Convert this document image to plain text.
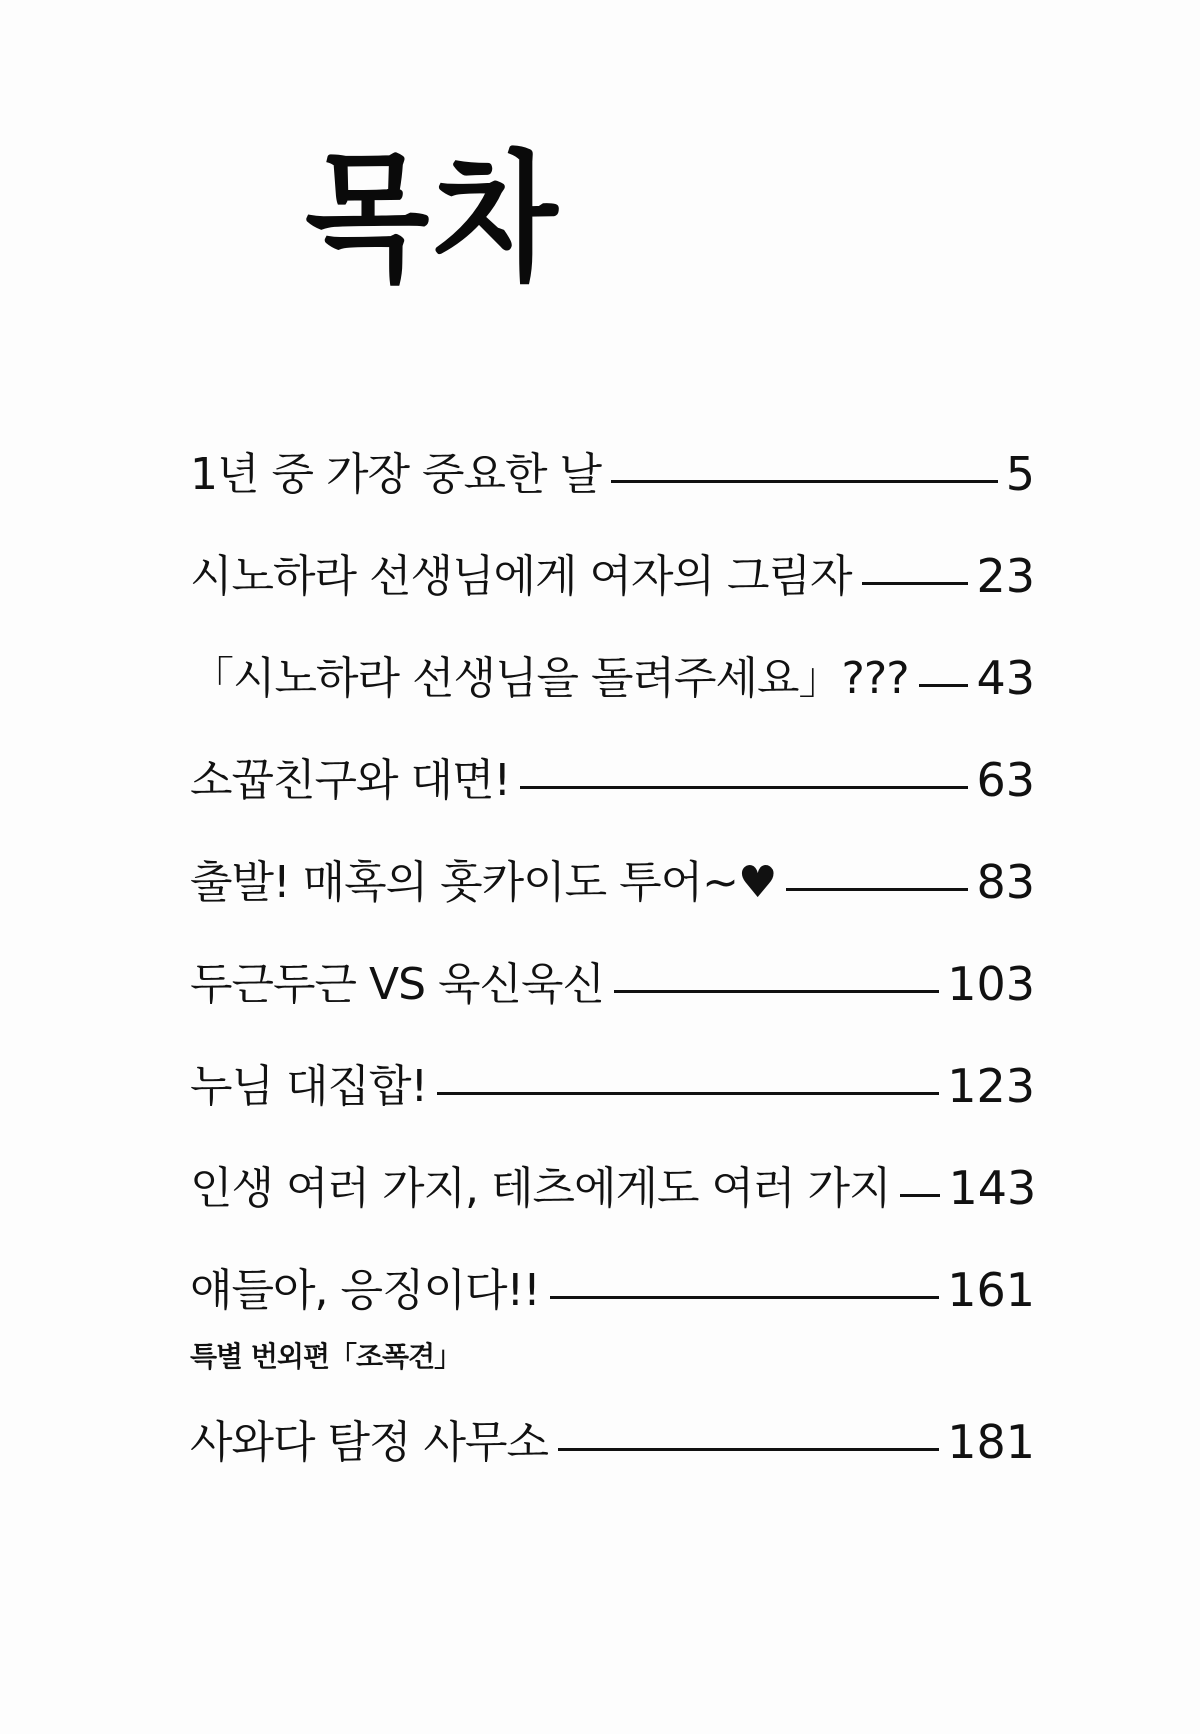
목차
1년 중 가장 중요한 날	5
시노하라 선생님에게 여자의 그림자	23
「시노하라 선생님을 돌려주세요」??? 43
소꿉친구와 대면!	63
출발! 매혹의 홋카이도 투어~♥	83
두근두근 VS 욱신욱신	103
누님 대집합!	123
인생 여러 가지, 테츠에게도 여러 가지 143
얘들아, 응징이다!!	161
특별 번외편「조폭견」
사와다 탐정 사무소	181
